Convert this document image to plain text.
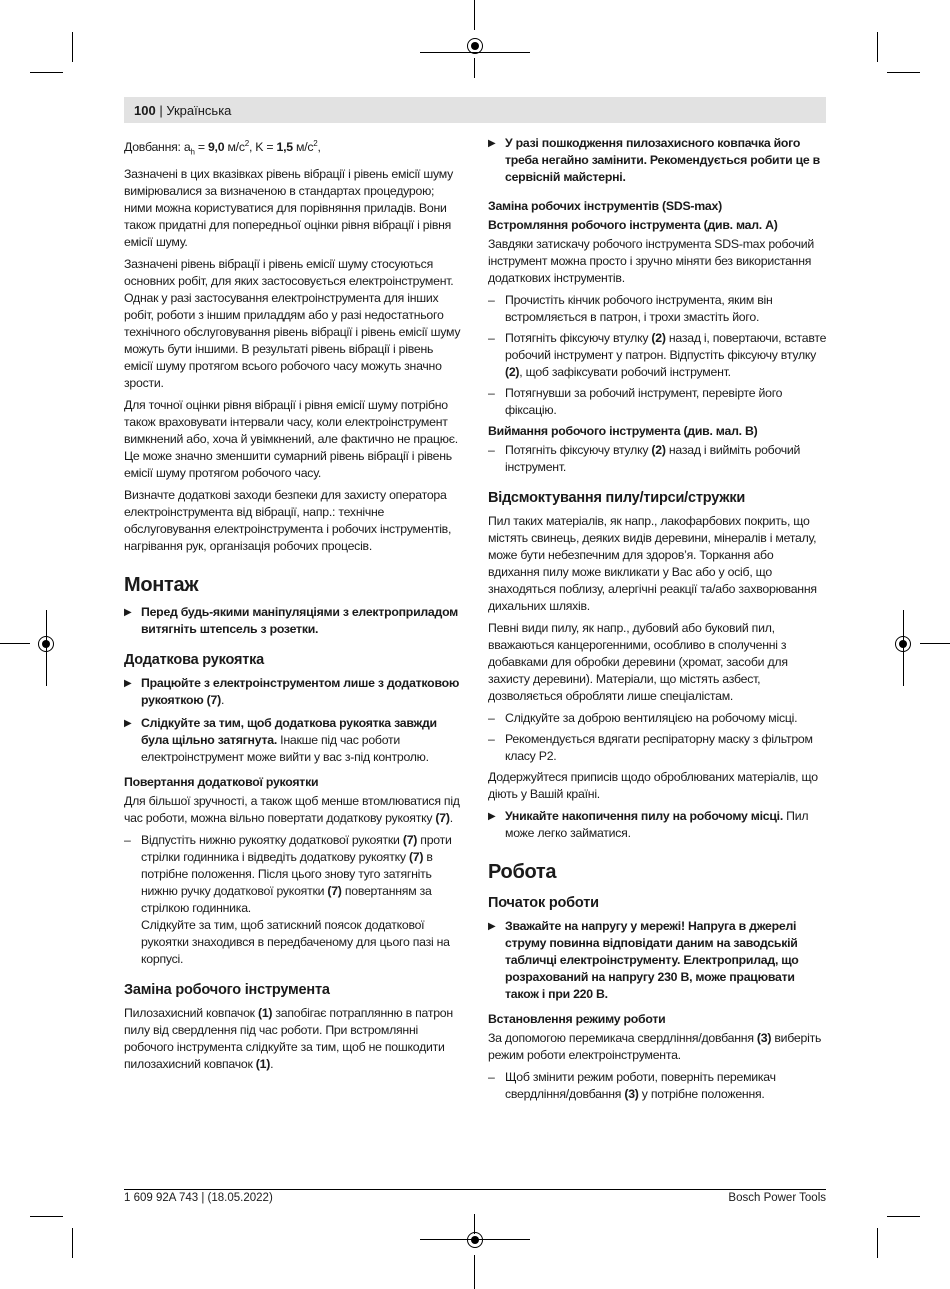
100 | Українська

Довбання: $a_h = 9,0$ $м/с^2$, K = 1,5 $м/с^2$,

Зазначені в цих вказівках рівень вібрації і рівень емісії шуму вимірювалися за визначеною в стандартах процедурою; ними можна користуватися для порівняння приладів. Вони також придатні для попередньої оцінки рівня вібрації і рівня емісії шуму.

Зазначені рівень вібрації і рівень емісії шуму стосуються основних робіт, для яких застосовується електроінструмент. Однак у разі застосування електроінструмента для інших робіт, роботи з іншим приладдям або у разі недостатнього технічного обслуговування рівень вібрації і рівень емісії шуму можуть бути іншими. В результаті рівень вібрації і рівень емісії шуму протягом всього робочого часу можуть значно зрости.

Для точної оцінки рівня вібрації і рівня емісії шуму потрібно також враховувати інтервали часу, коли електроінструмент вимкнений або, хоча й увімкнений, але фактично не працює. Це може значно зменшити сумарний рівень вібрації і рівень емісії шуму протягом робочого часу.

Визначте додаткові заходи безпеки для захисту оператора електроінструмента від вібрації, напр.: технічне обслуговування електроінструмента і робочих інструментів, нагрівання рук, організація робочих процесів.

Монтаж
▶ Перед будь-якими маніпуляціями з електроприладом витягніть штепсель з розетки.
Додаткова рукоятка
▶ Працюйте з електроінструментом лише з додатковою рукояткою (7).
▶ Слідкуйте за тим, щоб додаткова рукоятка завжди була щільно затягнута. Інакше під час роботи електроінструмент може вийти у вас з-під контролю.
Повертання додаткової рукоятки

Для більшої зручності, а також щоб менше втомлюватися під час роботи, можна вільно повертати додаткову рукоятку (7).

– Відпустіть нижню рукоятку додаткової рукоятки (7) проти стрілки годинника і відведіть додаткову рукоятку (7) в потрібне положення. Після цього знову туго затягніть нижню ручку додаткової рукоятки (7) повертанням за стрілкою годинника.
Слідкуйте за тим, щоб затискний поясок додаткової рукоятки знаходився в передбаченому для цього пазі на корпусі.
Заміна робочого інструмента

Пилозахисний ковпачок (1) запобігає потраплянню в патрон пилу від свердлення під час роботи. При встромлянні робочого інструмента слідкуйте за тим, щоб не пошкодити пилозахисний ковпачок (1).

▶ У разі пошкодження пилозахисного ковпачка його треба негайно замінити. Рекомендується робити це в сервісній майстерні.
Заміна робочих інструментів (SDS-max)
Встромляння робочого інструмента (див. мал. A)

Завдяки затискачу робочого інструмента SDS-max робочий інструмент можна просто і зручно міняти без використання додаткових інструментів.

– Прочистіть кінчик робочого інструмента, яким він встромляється в патрон, і трохи змастіть його.
– Потягніть фіксуючу втулку (2) назад і, повертаючи, вставте робочий інструмент у патрон. Відпустіть фіксуючу втулку (2), щоб зафіксувати робочий інструмент.
– Потягнувши за робочий інструмент, перевірте його фіксацію.
Виймання робочого інструмента (див. мал. B)
– Потягніть фіксуючу втулку (2) назад і вийміть робочий інструмент.
Відсмоктування пилу/тирси/стружки

Пил таких матеріалів, як напр., лакофарбових покрить, що містять свинець, деяких видів деревини, мінералів і металу, може бути небезпечним для здоров’я. Торкання або вдихання пилу може викликати у Вас або у осіб, що знаходяться поблизу, алергічні реакції та/або захворювання дихальних шляхів.

Певні види пилу, як напр., дубовий або буковий пил, вважаються канцерогенними, особливо в сполученні з добавками для обробки деревини (хромат, засоби для захисту деревини). Матеріали, що містять азбест, дозволяється обробляти лише спеціалістам.

– Слідкуйте за доброю вентиляцією на робочому місці.
– Рекомендується вдягати респіраторну маску з фільтром класу P2.

Додержуйтеся приписів щодо оброблюваних матеріалів, що діють у Вашій країні.

▶ Уникайте накопичення пилу на робочому місці. Пил може легко займатися.
Робота
Початок роботи
▶ Зважайте на напругу у мережі! Напруга в джерелі струму повинна відповідати даним на заводській табличці електроінструменту. Електроприлад, що розрахований на напругу 230 В, може працювати також і при 220 В.
Встановлення режиму роботи

За допомогою перемикача свердління/довбання (3) виберіть режим роботи електроінструмента.

– Щоб змінити режим роботи, поверніть перемикач свердління/довбання (3) у потрібне положення.
1 609 92A 743 | (18.05.2022)	Bosch Power Tools
